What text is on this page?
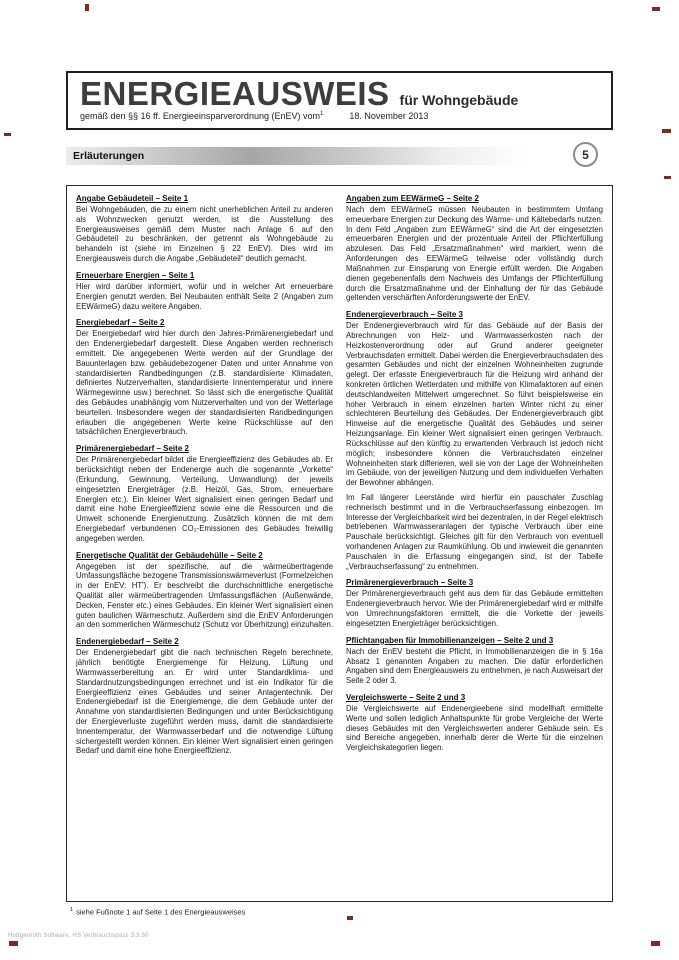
ENERGIEAUSWEIS für Wohngebäude
gemäß den §§ 16 ff. Energieeinsparverordnung (EnEV) vom$^1$	18. November 2013
Erläuterungen	5
Angabe Gebäudeteil – Seite 1

Bei Wohngebäuden, die zu einem nicht unerheblichen Anteil zu anderen als Wohnzwecken genutzt werden, ist die Ausstellung des Energieausweises gemäß dem Muster nach Anlage 6 auf den Gebäudeteil zu beschränken, der getrennt als Wohngebäude zu behandeln ist (siehe im Einzelnen § 22 EnEV). Dies wird im Energieausweis durch die Angabe „Gebäudeteil“ deutlich gemacht.

Erneuerbare Energien – Seite 1

Hier wird darüber informiert, wofür und in welcher Art erneuerbare Energien genutzt werden. Bei Neubauten enthält Seite 2 (Angaben zum EEWärmeG) dazu weitere Angaben.

Energiebedarf – Seite 2

Der Energiebedarf wird hier durch den Jahres-Primärenergiebedarf und den Endenergiebedarf dargestellt. Diese Angaben werden rechnerisch ermittelt. Die angegebenen Werte werden auf der Grundlage der Bauunterlagen bzw. gebäudebezogener Daten und unter Annahme von standardisierten Randbedingungen (z.B. standardisierte Klimadaten, definiertes Nutzerverhalten, standardisierte Innentemperatur und innere Wärmegewinne usw.) berechnet. So lässt sich die energetische Qualität des Gebäudes unabhängig vom Nutzerverhalten und von der Wetterlage beurteilen. Insbesondere wegen der standardisierten Randbedingungen erlauben die angegebenen Werte keine Rückschlüsse auf den tatsächlichen Energieverbrauch.

Primärenergiebedarf – Seite 2

Der Primärenergiebedarf bildet die Energieeffizienz des Gebäudes ab. Er berücksichtigt neben der Endenergie auch die sogenannte „Vorkette“ (Erkundung, Gewinnung, Verteilung, Umwandlung) der jeweils eingesetzten Energieträger (z.B. Heizöl, Gas, Strom, erneuerbare Energien etc.). Ein kleiner Wert signalisiert einen geringen Bedarf und damit eine hohe Energieeffizienz sowie eine die Ressourcen und die Umwelt schonende Energienutzung. Zusätzlich können die mit dem Energiebedarf verbundenen CO₂-Emissionen des Gebäudes freiwillig angegeben werden.

Energetische Qualität der Gebäudehülle – Seite 2

Angegeben ist der spezifische, auf die wärmeübertragende Umfassungsfläche bezogene Transmissionswärmeverlust (Formelzeichen in der EnEV: HT′). Er beschreibt die durchschnittliche energetische Qualität aller wärmeübertragenden Umfassungsflächen (Außenwände, Decken, Fenster etc.) eines Gebäudes. Ein kleiner Wert signalisiert einen guten baulichen Wärmeschutz. Außerdem sind die EnEV Anforderungen an den sommerlichen Wärmeschutz (Schutz vor Überhitzung) einzuhalten.

Endenergiebedarf – Seite 2

Der Endenergiebedarf gibt die nach technischen Regeln berechnete, jährlich benötigte Energiemenge für Heizung, Lüftung und Warmwasserbereitung an. Er wird unter Standardklima- und Standardnutzungsbedingungen errechnet und ist ein Indikator für die Energieeffizienz eines Gebäudes und seiner Anlagentechnik. Der Endenergiebedarf ist die Energiemenge, die dem Gebäude unter der Annahme von standardisierten Bedingungen und unter Berücksichtigung der Energieverluste zugeführt werden muss, damit die standardisierte Innentemperatur, der Warmwasserbedarf und die notwendige Lüftung sichergestellt werden können. Ein kleiner Wert signalisiert einen geringen Bedarf und damit eine hohe Energieeffizienz.

Angaben zum EEWärmeG – Seite 2

Nach dem EEWärmeG müssen Neubauten in bestimmtem Umfang erneuerbare Energien zur Deckung des Wärme- und Kältebedarfs nutzen. In dem Feld „Angaben zum EEWärmeG“ sind die Art der eingesetzten erneuerbaren Energien und der prozentuale Anteil der Pflichterfüllung abzulesen. Das Feld „Ersatzmaßnahmen“ wird markiert, wenn die Anforderungen des EEWärmeG teilweise oder vollständig durch Maßnahmen zur Einsparung von Energie erfüllt werden. Die Angaben dienen gegebenenfalls dem Nachweis des Umfangs der Pflichterfüllung durch die Ersatzmaßnahme und der Einhaltung der für das Gebäude geltenden verschärften Anforderungswerte der EnEV.

Endenergieverbrauch – Seite 3

Der Endenergieverbrauch wird für das Gebäude auf der Basis der Abrechnungen von Heiz- und Warmwasserkosten nach der Heizkostenverordnung oder auf Grund anderer geeigneter Verbrauchsdaten ermittelt. Dabei werden die Energieverbrauchsdaten des gesamten Gebäudes und nicht der einzelnen Wohneinheiten zugrunde gelegt. Der erfasste Energieverbrauch für die Heizung wird anhand der konkreten örtlichen Wetterdaten und mithilfe von Klimafaktoren auf einen deutschlandweiten Mittelwert umgerechnet. So führt beispielsweise ein hoher Verbrauch in einem einzelnen harten Winter nicht zu einer schlechteren Beurteilung des Gebäudes. Der Endenergieverbrauch gibt Hinweise auf die energetische Qualität des Gebäudes und seiner Heizungsanlage. Ein kleiner Wert signalisiert einen geringen Verbrauch. Rückschlüsse auf den künftig zu erwartenden Verbrauch ist jedoch nicht möglich; insbesondere können die Verbrauchsdaten einzelner Wohneinheiten stark differieren, weil sie von der Lage der Wohneinheiten im Gebäude, von der jeweiligen Nutzung und dem individuellen Verhalten der Bewohner abhängen.

Im Fall längerer Leerstände wird hierfür ein pauschaler Zuschlag rechnerisch bestimmt und in die Verbrauchserfassung einbezogen. Im Interesse der Vergleichbarkeit wird bei dezentralen, in der Regel elektrisch betriebenen Warmwasseranlagen der typische Verbrauch über eine Pauschale berücksichtigt. Gleiches gilt für den Verbrauch von eventuell vorhandenen Anlagen zur Raumkühlung. Ob und inwieweit die genannten Pauschalen in die Erfassung eingegangen sind, ist der Tabelle „Verbrauchserfassung“ zu entnehmen.

Primärenergieverbrauch – Seite 3

Der Primärenergieverbrauch geht aus dem für das Gebäude ermittelten Endenergieverbrauch hervor. Wie der Primärenergiebedarf wird er mithilfe von Umrechnungsfaktoren ermittelt, die die Vorkette der jeweils eingesetzten Energieträger berücksichtigen.

Pflichtangaben für Immobilienanzeigen – Seite 2 und 3

Nach der EnEV besteht die Pflicht, in Immobilienanzeigen die in § 16a Absatz 1 genannten Angaben zu machen. Die dafür erforderlichen Angaben sind dem Energieausweis zu entnehmen, je nach Ausweisart der Seite 2 oder 3.

Vergleichswerte – Seite 2 und 3

Die Vergleichswerte auf Endenergieebene sind modellhaft ermittelte Werte und sollen lediglich Anhaltspunkte für grobe Vergleiche der Werte dieses Gebäudes mit den Vergleichswerten anderer Gebäude sein. Es sind Bereiche angegeben, innerhalb derer die Werte für die einzelnen Vergleichskategorien liegen.

$^1$ siehe Fußnote 1 auf Seite 1 des Energieausweises
Hottgenroth Software, HS Verbrauchspass 3.3.30
